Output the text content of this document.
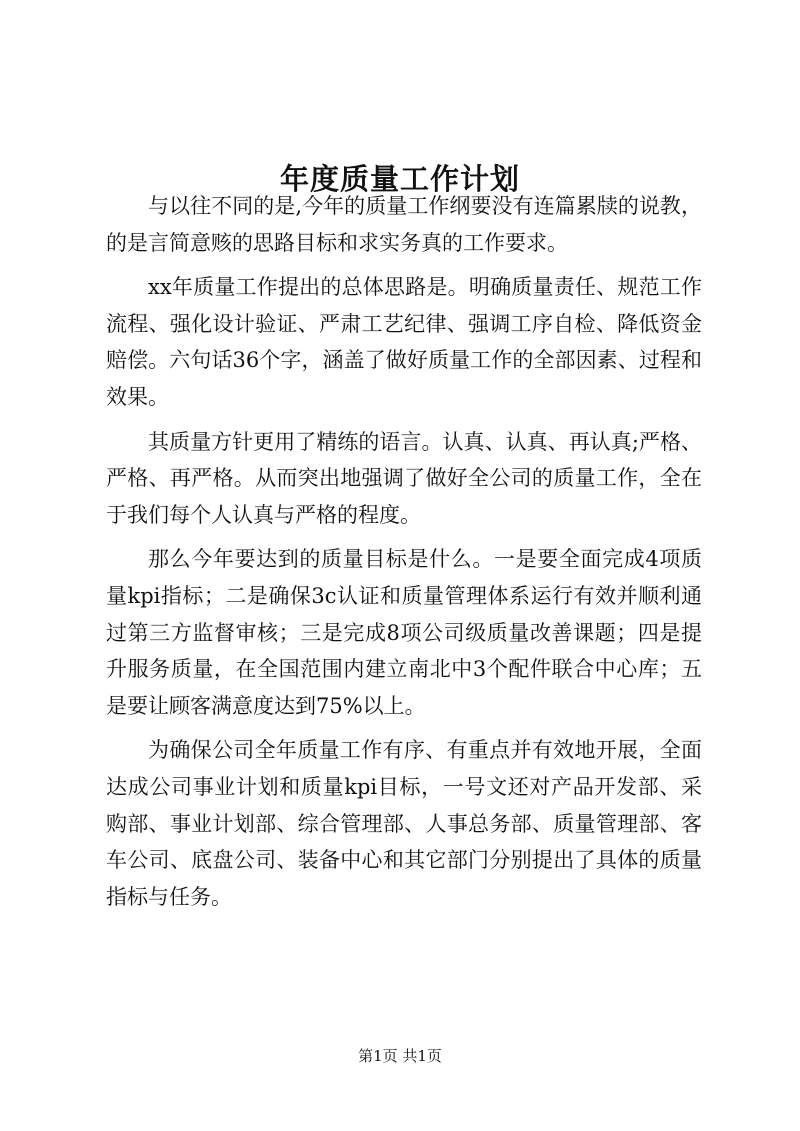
年度质量工作计划

与以往不同的是,今年的质量工作纲要没有连篇累牍的说教，的是言简意赅的思路目标和求实务真的工作要求。

xx年质量工作提出的总体思路是。明确质量责任、规范工作流程、强化设计验证、严肃工艺纪律、强调工序自检、降低资金赔偿。六句话36个字，涵盖了做好质量工作的全部因素、过程和效果。

其质量方针更用了精练的语言。认真、认真、再认真;严格、严格、再严格。从而突出地强调了做好全公司的质量工作，全在于我们每个人认真与严格的程度。

那么今年要达到的质量目标是什么。一是要全面完成4项质量kpi指标；二是确保3c认证和质量管理体系运行有效并顺利通过第三方监督审核；三是完成8项公司级质量改善课题；四是提升服务质量，在全国范围内建立南北中3个配件联合中心库；五是要让顾客满意度达到75%以上。

为确保公司全年质量工作有序、有重点并有效地开展，全面达成公司事业计划和质量kpi目标，一号文还对产品开发部、采购部、事业计划部、综合管理部、人事总务部、质量管理部、客车公司、底盘公司、装备中心和其它部门分别提出了具体的质量指标与任务。

第1页 共1页
